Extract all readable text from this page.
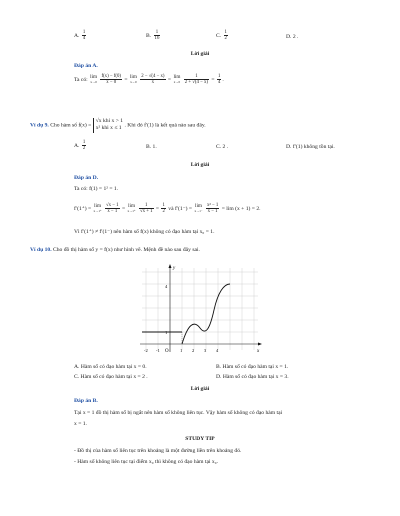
A. $\frac{1}{4}$	B. $\frac{1}{16}$	C. $\frac{1}{2}$	D. 2 .
Lời giải
Đáp án A.
Ta có: lim
x→0
$\frac{f(x) - f(0)}{x - 0} = \lim$
x→0
$\frac{2 - √(4 - x)}{x} = \lim$
x→0
$\frac{1}{2 + √(4 - x)} = \frac{1}{4}$ .
Ví dụ 9. Cho hàm số f(x) =
√x khi x > 1
x² khi x ≤ 1 . Khi đó f′(1) là kết quả nào sau đây.
A. $\frac{1}{2}$	B. 1.	C. 2 .	D. f′(1) không tồn tại.
Lời giải
Đáp án D.
Ta có: f(1) = 1² = 1.
f′(1⁺) = lim
x→1⁺
$\frac{√x - 1}{x - 1} = \lim$
x→1⁺
$\frac{1}{√x + 1} = \frac{1}{2}$ và f′(1⁻) = lim
x→1⁻
$\frac{\text{x² − 1}}{x - 1} = \lim (x + 1) = 2$.
Vì f′(1⁺) ≠ f′(1⁻) nên hàm số f(x) không có đạo hàm tại x₀ = 1.
Ví dụ 10. Cho đồ thị hàm số y = f(x) như hình vẽ. Mệnh đề nào sau đây sai.
y
x
O
-2 -1	1 2 3 4
1
4
A. Hàm số có đạo hàm tại x = 0.	B. Hàm số có đạo hàm tại x = 1.
C. Hàm số có đạo hàm tại x = 2 .	D. Hàm số có đạo hàm tại x = 3.
Lời giải
Đáp án B.
Tại x = 1 đồ thị hàm số bị ngắt nên hàm số không liên tục. Vậy hàm số không có đạo hàm tại
x = 1.
STUDY TIP
- Đồ thị của hàm số liên tục trên khoảng là một đường liền trên khoảng đó.
- Hàm số không liên tục tại điểm x₀ thì không có đạo hàm tại x₀.
